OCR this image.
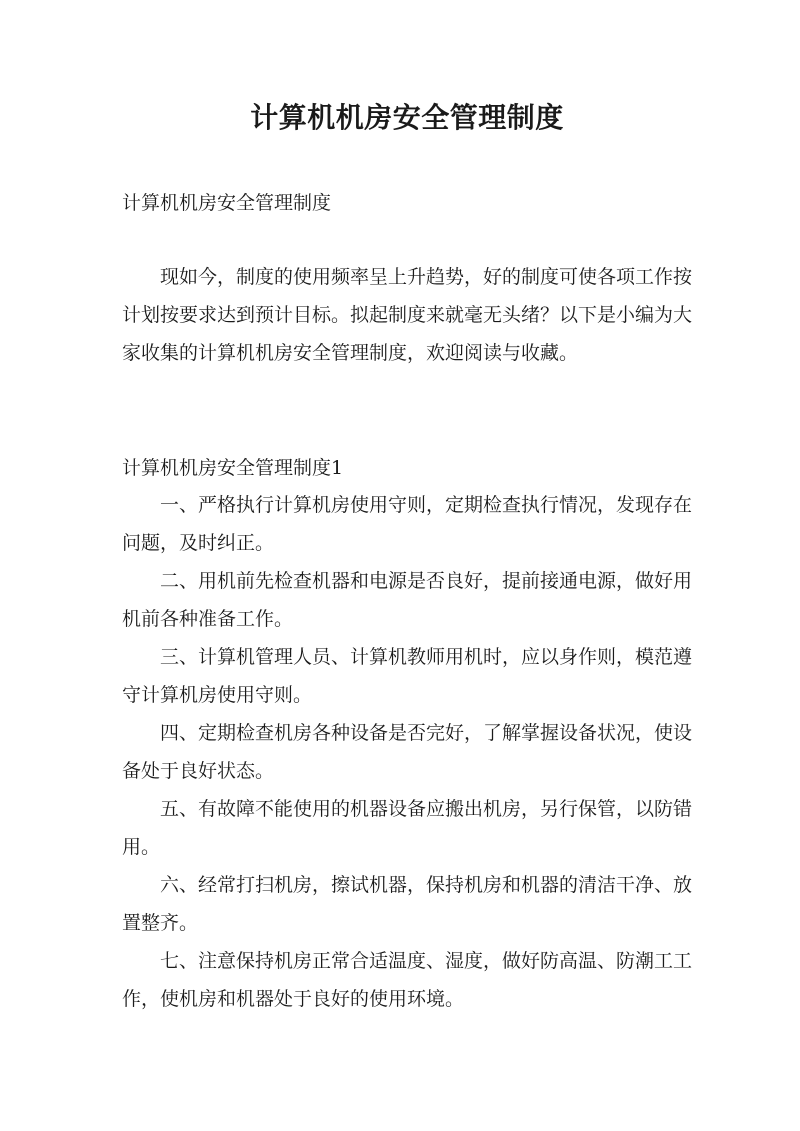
计算机机房安全管理制度
计算机机房安全管理制度

现如今，制度的使用频率呈上升趋势，好的制度可使各项工作按计划按要求达到预计目标。拟起制度来就毫无头绪？以下是小编为大家收集的计算机机房安全管理制度，欢迎阅读与收藏。

计算机机房安全管理制度1

一、严格执行计算机房使用守则，定期检查执行情况，发现存在问题，及时纠正。

二、用机前先检查机器和电源是否良好，提前接通电源，做好用机前各种准备工作。

三、计算机管理人员、计算机教师用机时，应以身作则，模范遵守计算机房使用守则。

四、定期检查机房各种设备是否完好，了解掌握设备状况，使设备处于良好状态。

五、有故障不能使用的机器设备应搬出机房，另行保管，以防错用。

六、经常打扫机房，擦试机器，保持机房和机器的清洁干净、放置整齐。

七、注意保持机房正常合适温度、湿度，做好防高温、防潮工工作，使机房和机器处于良好的使用环境。
